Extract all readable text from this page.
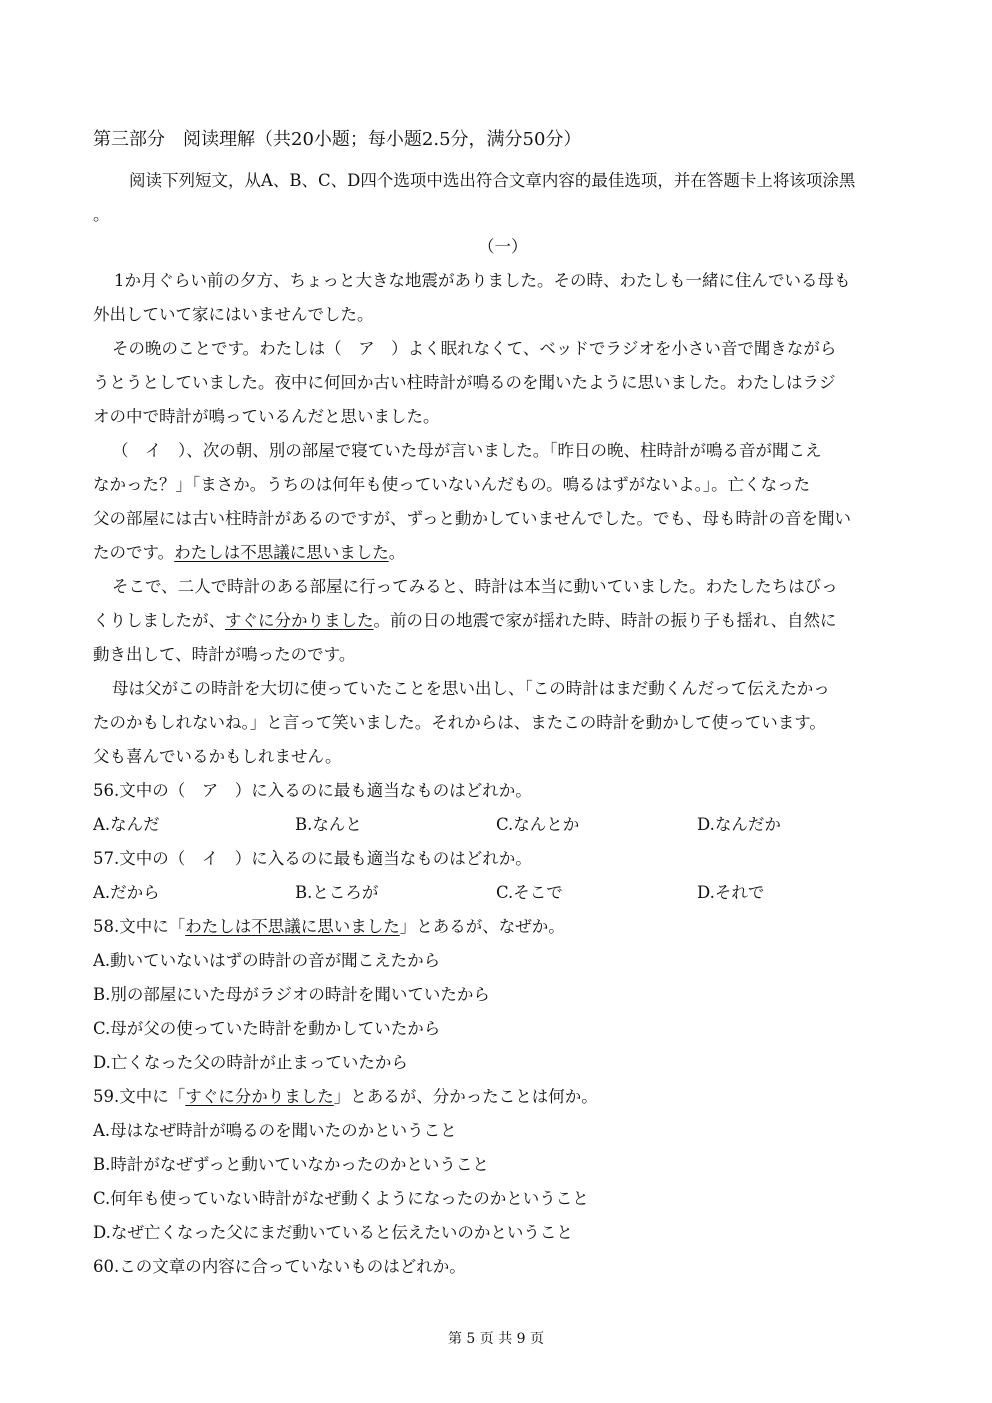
第三部分　阅读理解（共20小题；每小题2.5分，满分50分）
阅读下列短文，从A、B、C、D四个选项中选出符合文章内容的最佳选项，并在答题卡上将该项涂黑
。
（一）
1か月ぐらい前の夕方、ちょっと大きな地震がありました。その時、わたしも一緒に住んでいる母も
外出していて家にはいませんでした。
その晩のことです。わたしは（　ア　）よく眠れなくて、ベッドでラジオを小さい音で聞きながら
うとうとしていました。夜中に何回か古い柱時計が鳴るのを聞いたように思いました。わたしはラジ
オの中で時計が鳴っているんだと思いました。
（　イ　）、次の朝、別の部屋で寝ていた母が言いました。「昨日の晩、柱時計が鳴る音が聞こえ
なかった？」「まさか。うちのは何年も使っていないんだもの。鳴るはずがないよ。」。亡くなった
父の部屋には古い柱時計があるのですが、ずっと動かしていませんでした。でも、母も時計の音を聞い
たのです。わたしは不思議に思いました。
そこで、二人で時計のある部屋に行ってみると、時計は本当に動いていました。わたしたちはびっ
くりしましたが、すぐに分かりました。前の日の地震で家が揺れた時、時計の振り子も揺れ、自然に
動き出して、時計が鳴ったのです。
母は父がこの時計を大切に使っていたことを思い出し、「この時計はまだ動くんだって伝えたかっ
たのかもしれないね。」と言って笑いました。それからは、またこの時計を動かして使っています。
父も喜んでいるかもしれません。
56.文中の（　ア　）に入るのに最も適当なものはどれか。
A.なんだ	B.なんと	C.なんとか	D.なんだか
57.文中の（　イ　）に入るのに最も適当なものはどれか。
A.だから	B.ところが	C.そこで	D.それで
58.文中に「わたしは不思議に思いました」とあるが、なぜか。
A.動いていないはずの時計の音が聞こえたから
B.別の部屋にいた母がラジオの時計を聞いていたから
C.母が父の使っていた時計を動かしていたから
D.亡くなった父の時計が止まっていたから
59.文中に「すぐに分かりました」とあるが、分かったことは何か。
A.母はなぜ時計が鳴るのを聞いたのかということ
B.時計がなぜずっと動いていなかったのかということ
C.何年も使っていない時計がなぜ動くようになったのかということ
D.なぜ亡くなった父にまだ動いていると伝えたいのかということ
60.この文章の内容に合っていないものはどれか。
第 5 页 共 9 页
